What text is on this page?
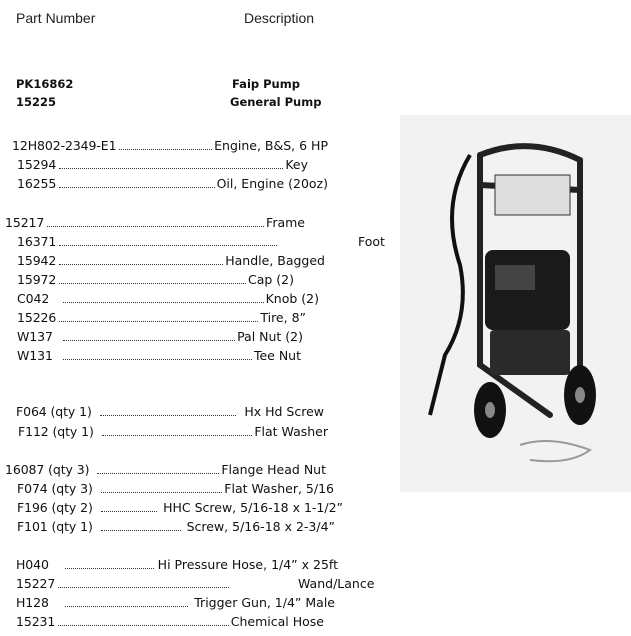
Part Number	Description
PK16862	Faip Pump
15225	General Pump
12H802-2349-E1	Engine, B&S, 6 HP
15294	Key
16255	Oil, Engine (20oz)
15217	Frame
16371	Foot
15942	Handle, Bagged
15972	Cap (2)
C042	Knob (2)
15226	Tire, 8”
W137	Pal Nut (2)
W131	Tee Nut
F064 (qty 1)	Hx Hd Screw
F112 (qty 1)	Flat Washer
16087 (qty 3)	Flange Head Nut
F074 (qty 3)	Flat Washer, 5/16
F196 (qty 2)	HHC Screw, 5/16-18 x 1-1/2”
F101 (qty 1)	Screw, 5/16-18 x 2-3/4”
H040	Hi Pressure Hose, 1/4” x 25ft
15227	Wand/Lance
H128	Trigger Gun, 1/4” Male
15231	Chemical Hose
